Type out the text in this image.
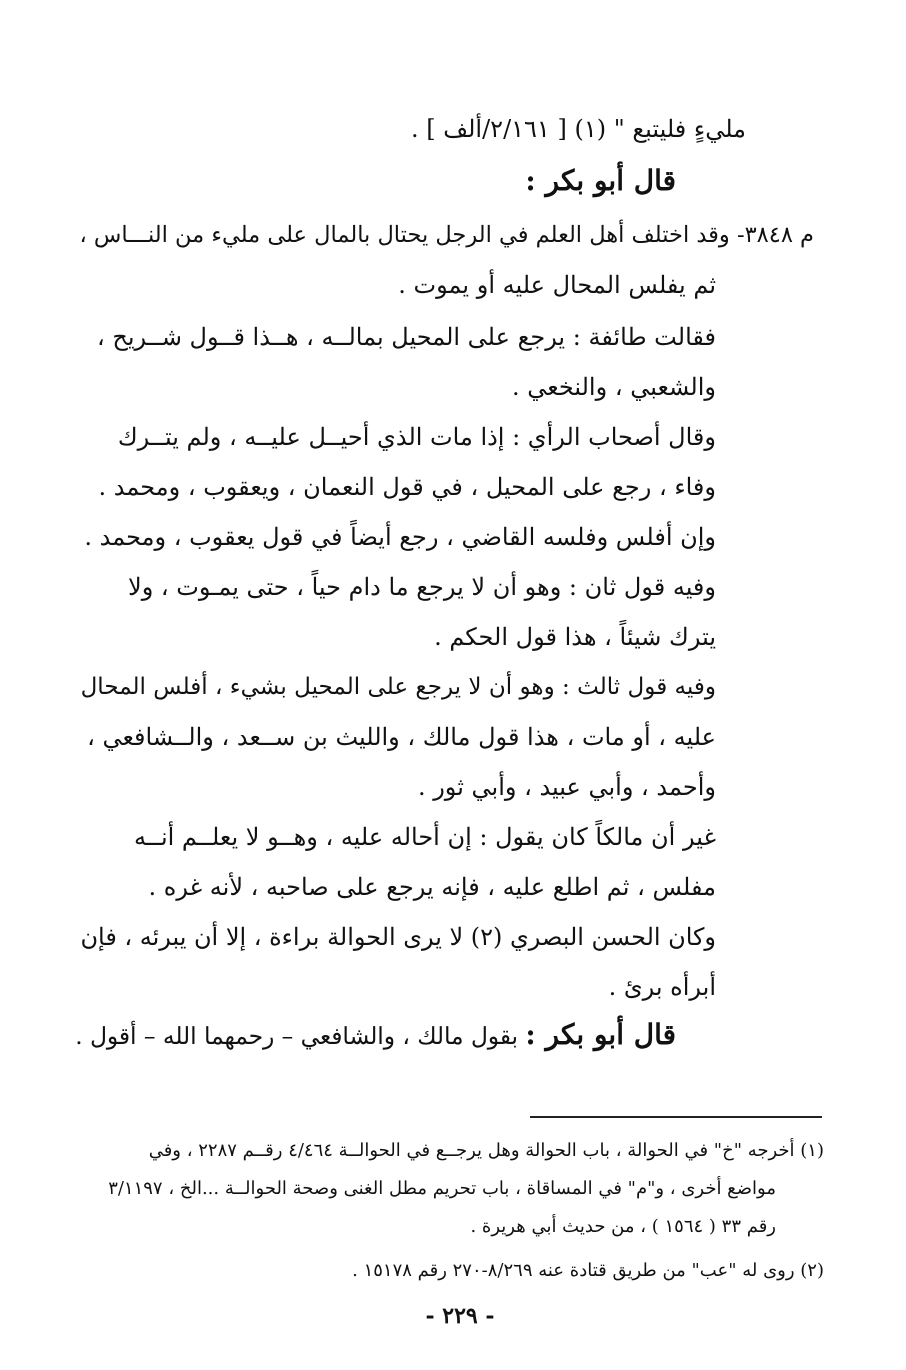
مليءٍ فليتبع " (١) [ ٢/١٦١/ألف ] .
قال أبو بكر :
م ٣٨٤٨- وقد اختلف أهل العلم في الرجل يحتال بالمال على مليء من النـــاس ،
ثم يفلس المحال عليه أو يموت .
فقالت طائفة : يرجع على المحيل بمالــه ، هــذا قــول شــريح ،
والشعبي ، والنخعي .
وقال أصحاب الرأي : إذا مات الذي أحيــل عليــه ، ولم يتــرك
وفاء ، رجع على المحيل ، في قول النعمان ، ويعقوب ، ومحمد .
وإن أفلس وفلسه القاضي ، رجع أيضاً في قول يعقوب ، ومحمد .
وفيه قول ثان : وهو أن لا يرجع ما دام حياً ، حتى يمـوت ، ولا
يترك شيئاً ، هذا قول الحكم .
وفيه قول ثالث : وهو أن لا يرجع على المحيل بشيء ، أفلس المحال
عليه ، أو مات ، هذا قول مالك ، والليث بن ســعد ، والــشافعي ،
وأحمد ، وأبي عبيد ، وأبي ثور .
غير أن مالكاً كان يقول : إن أحاله عليه ، وهــو لا يعلــم أنــه
مفلس ، ثم اطلع عليه ، فإنه يرجع على صاحبه ، لأنه غره .
وكان الحسن البصري (٢) لا يرى الحوالة براءة ، إلا أن يبرئه ، فإن
أبرأه برئ .
قال أبو بكر : بقول مالك ، والشافعي – رحمهما الله – أقول .
(١) أخرجه "خ" في الحوالة ، باب الحوالة وهل يرجــع في الحوالــة ٤/٤٦٤ رقــم ٢٢٨٧ ، وفي
مواضع أخرى ، و"م" في المساقاة ، باب تحريم مطل الغنى وصحة الحوالــة ...الخ ، ٣/١١٩٧
رقم ٣٣ ( ١٥٦٤ ) ، من حديث أبي هريرة .
(٢) روى له "عب" من طريق قتادة عنه ٨/٢٦٩-٢٧٠ رقم ١٥١٧٨ .
- ٢٢٩ -
